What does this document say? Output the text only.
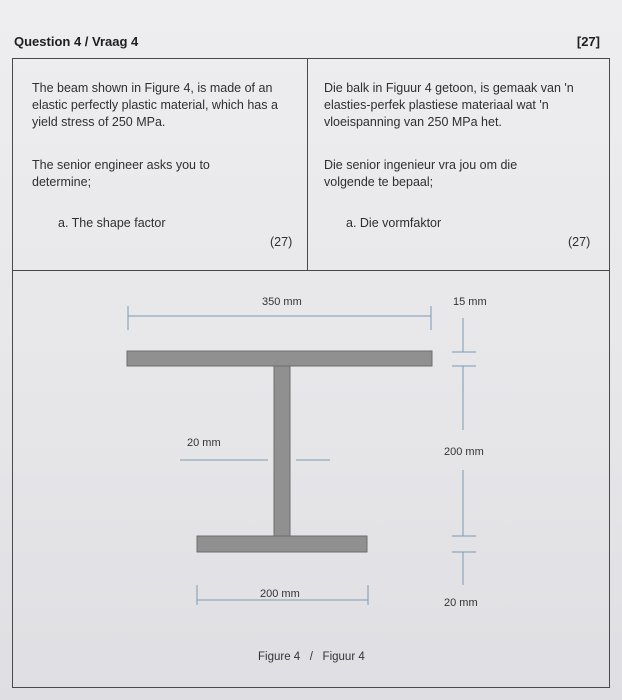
Question 4 / Vraag 4	[27]
The beam shown in Figure 4, is made of an elastic perfectly plastic material, which has a yield stress of 250 MPa.
The senior engineer asks you to determine;
a. The shape factor
(27)
Die balk in Figuur 4 getoon, is gemaak van 'n elasties-perfek plastiese materiaal wat 'n vloeispanning van 250 MPa het.
Die senior ingenieur vra jou om die volgende te bepaal;
a. Die vormfaktor
(27)
350 mm	15 mm
20 mm
200 mm
200 mm
20 mm
Figure 4   /   Figuur 4
